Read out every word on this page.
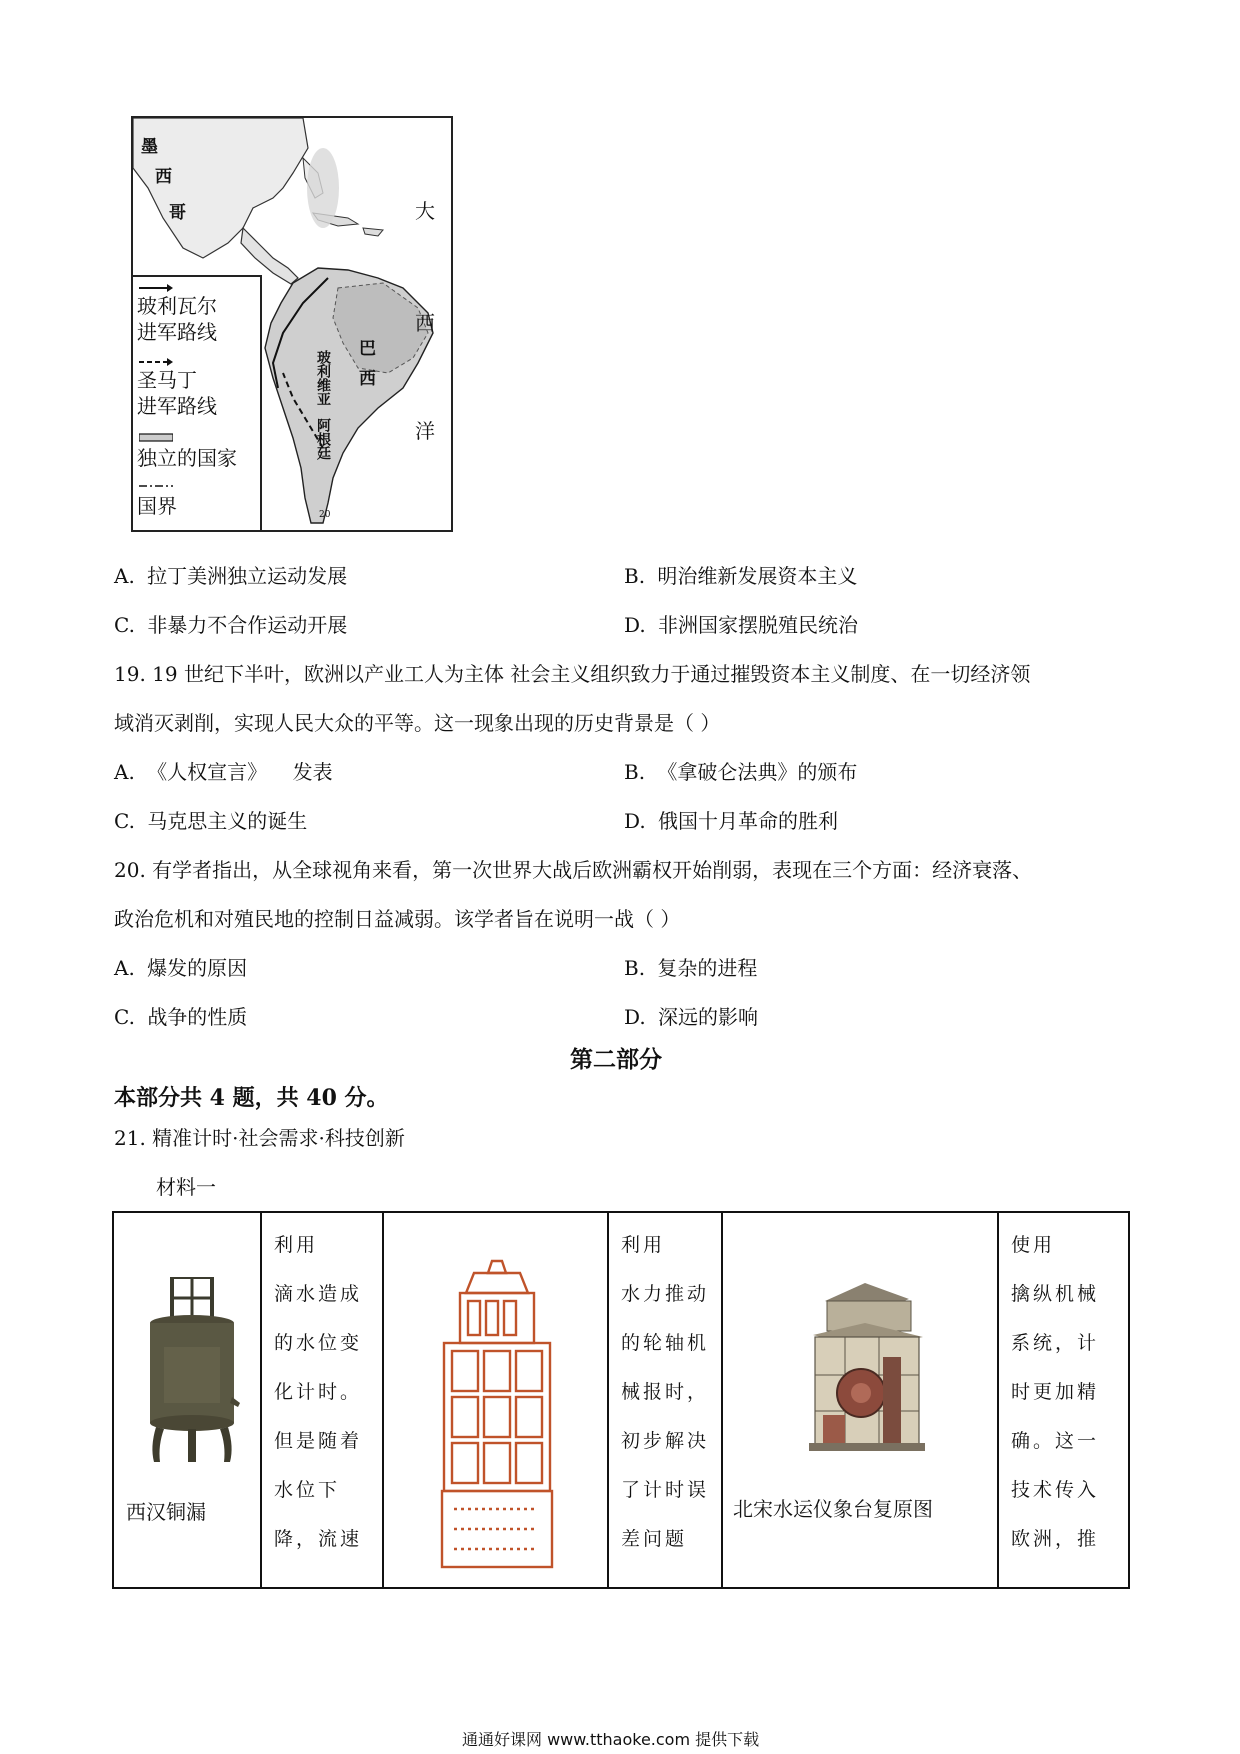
墨
西
哥
巴
西
玻利维亚
阿根廷
大
西
洋
20
玻利瓦尔
进军路线
圣马丁
进军路线
独立的国家
国界
A. 拉丁美洲独立运动发展	B. 明治维新发展资本主义
C. 非暴力不合作运动开展	D. 非洲国家摆脱殖民统治
19. 19 世纪下半叶，欧洲以产业工人为主体 社会主义组织致力于通过摧毁资本主义制度、在一切经济领
域消灭剥削，实现人民大众的平等。这一现象出现的历史背景是（ ）
A. 《人权宣言》    发表	B. 《拿破仑法典》的颁布
C. 马克思主义的诞生	D. 俄国十月革命的胜利
20. 有学者指出，从全球视角来看，第一次世界大战后欧洲霸权开始削弱，表现在三个方面：经济衰落、
政治危机和对殖民地的控制日益减弱。该学者旨在说明一战（ ）
A. 爆发的原因	B. 复杂的进程
C. 战争的性质	D. 深远的影响
第二部分
本部分共 4 题，共 40 分。
21. 精准计时·社会需求·科技创新
材料一
西汉铜漏

利用
滴水造成
的水位变
化计时。
但是随着
水位下
降，流速

利用
水力推动
的轮轴机
械报时，
初步解决
了计时误
差问题

北宋水运仪象台复原图

使用
擒纵机械
系统，计
时更加精
确。这一
技术传入
欧洲，推
通通好课网 www.tthaoke.com 提供下载
